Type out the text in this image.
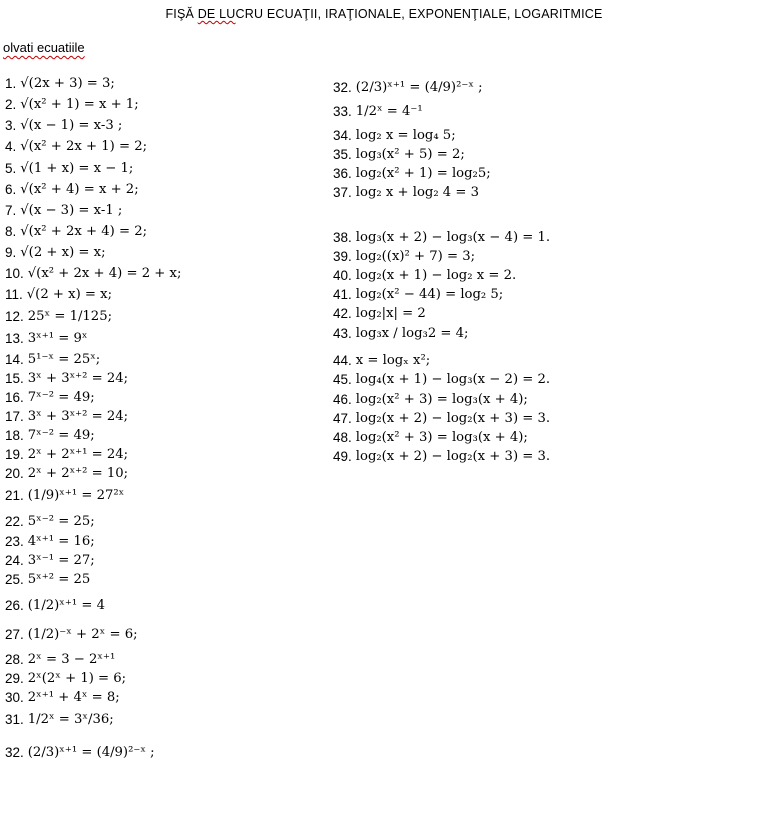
FIŞĂ DE LUCRU ECUAŢII, IRAŢIONALE, EXPONENŢIALE, LOGARITMICE
olvati ecuatiile
1. √(2x + 3) = 3;
2. √(x² + 1) = x + 1;
3. √(x − 1) = x-3 ;
4. √(x² + 2x + 1) = 2;
5. √(1 + x) = x − 1;
6. √(x² + 4) = x + 2;
7. √(x − 3) = x-1 ;
8. √(x² + 2x + 4) = 2;
9. √(2 + x) = x;
10. √(x² + 2x + 4) = 2 + x;
11. √(2 + x) = x;
12. 25ˣ = 1/125;
13. 3ˣ⁺¹ = 9ˣ
14. 5¹⁻ˣ = 25ˣ;
15. 3ˣ + 3ˣ⁺² = 24;
16. 7ˣ⁻² = 49;
17. 3ˣ + 3ˣ⁺² = 24;
18. 7ˣ⁻² = 49;
19. 2ˣ + 2ˣ⁺¹ = 24;
20. 2ˣ + 2ˣ⁺² = 10;
21. (1/9)ˣ⁺¹ = 27²ˣ
22. 5ˣ⁻² = 25;
23. 4ˣ⁺¹ = 16;
24. 3ˣ⁻¹ = 27;
25. 5ˣ⁺² = 25
26. (1/2)ˣ⁺¹ = 4
27. (1/2)⁻ˣ + 2ˣ = 6;
28. 2ˣ = 3 − 2ˣ⁺¹
29. 2ˣ(2ˣ + 1) = 6;
30. 2ˣ⁺¹ + 4ˣ = 8;
31. 1/2ˣ = 3ˣ/36;
32. (2/3)ˣ⁺¹ = (4/9)²⁻ˣ ;
32. (2/3)ˣ⁺¹ = (4/9)²⁻ˣ ;
33. 1/2ˣ = 4⁻¹
34. log₂ x = log₄ 5;
35. log₃(x² + 5) = 2;
36. log₂(x² + 1) = log₂5;
37. log₂ x + log₂ 4 = 3
38. log₃(x + 2) − log₃(x − 4) = 1.
39. log₂((x)² + 7) = 3;
40. log₂(x + 1) − log₂ x = 2.
41. log₂(x² − 44) = log₂ 5;
42. log₂|x| = 2
43. log₃x / log₃2 = 4;
44. x = logₓ x²;
45. log₄(x + 1) − log₃(x − 2) = 2.
46. log₂(x² + 3) = log₃(x + 4);
47. log₂(x + 2) − log₂(x + 3) = 3.
48. log₂(x² + 3) = log₃(x + 4);
49. log₂(x + 2) − log₂(x + 3) = 3.
